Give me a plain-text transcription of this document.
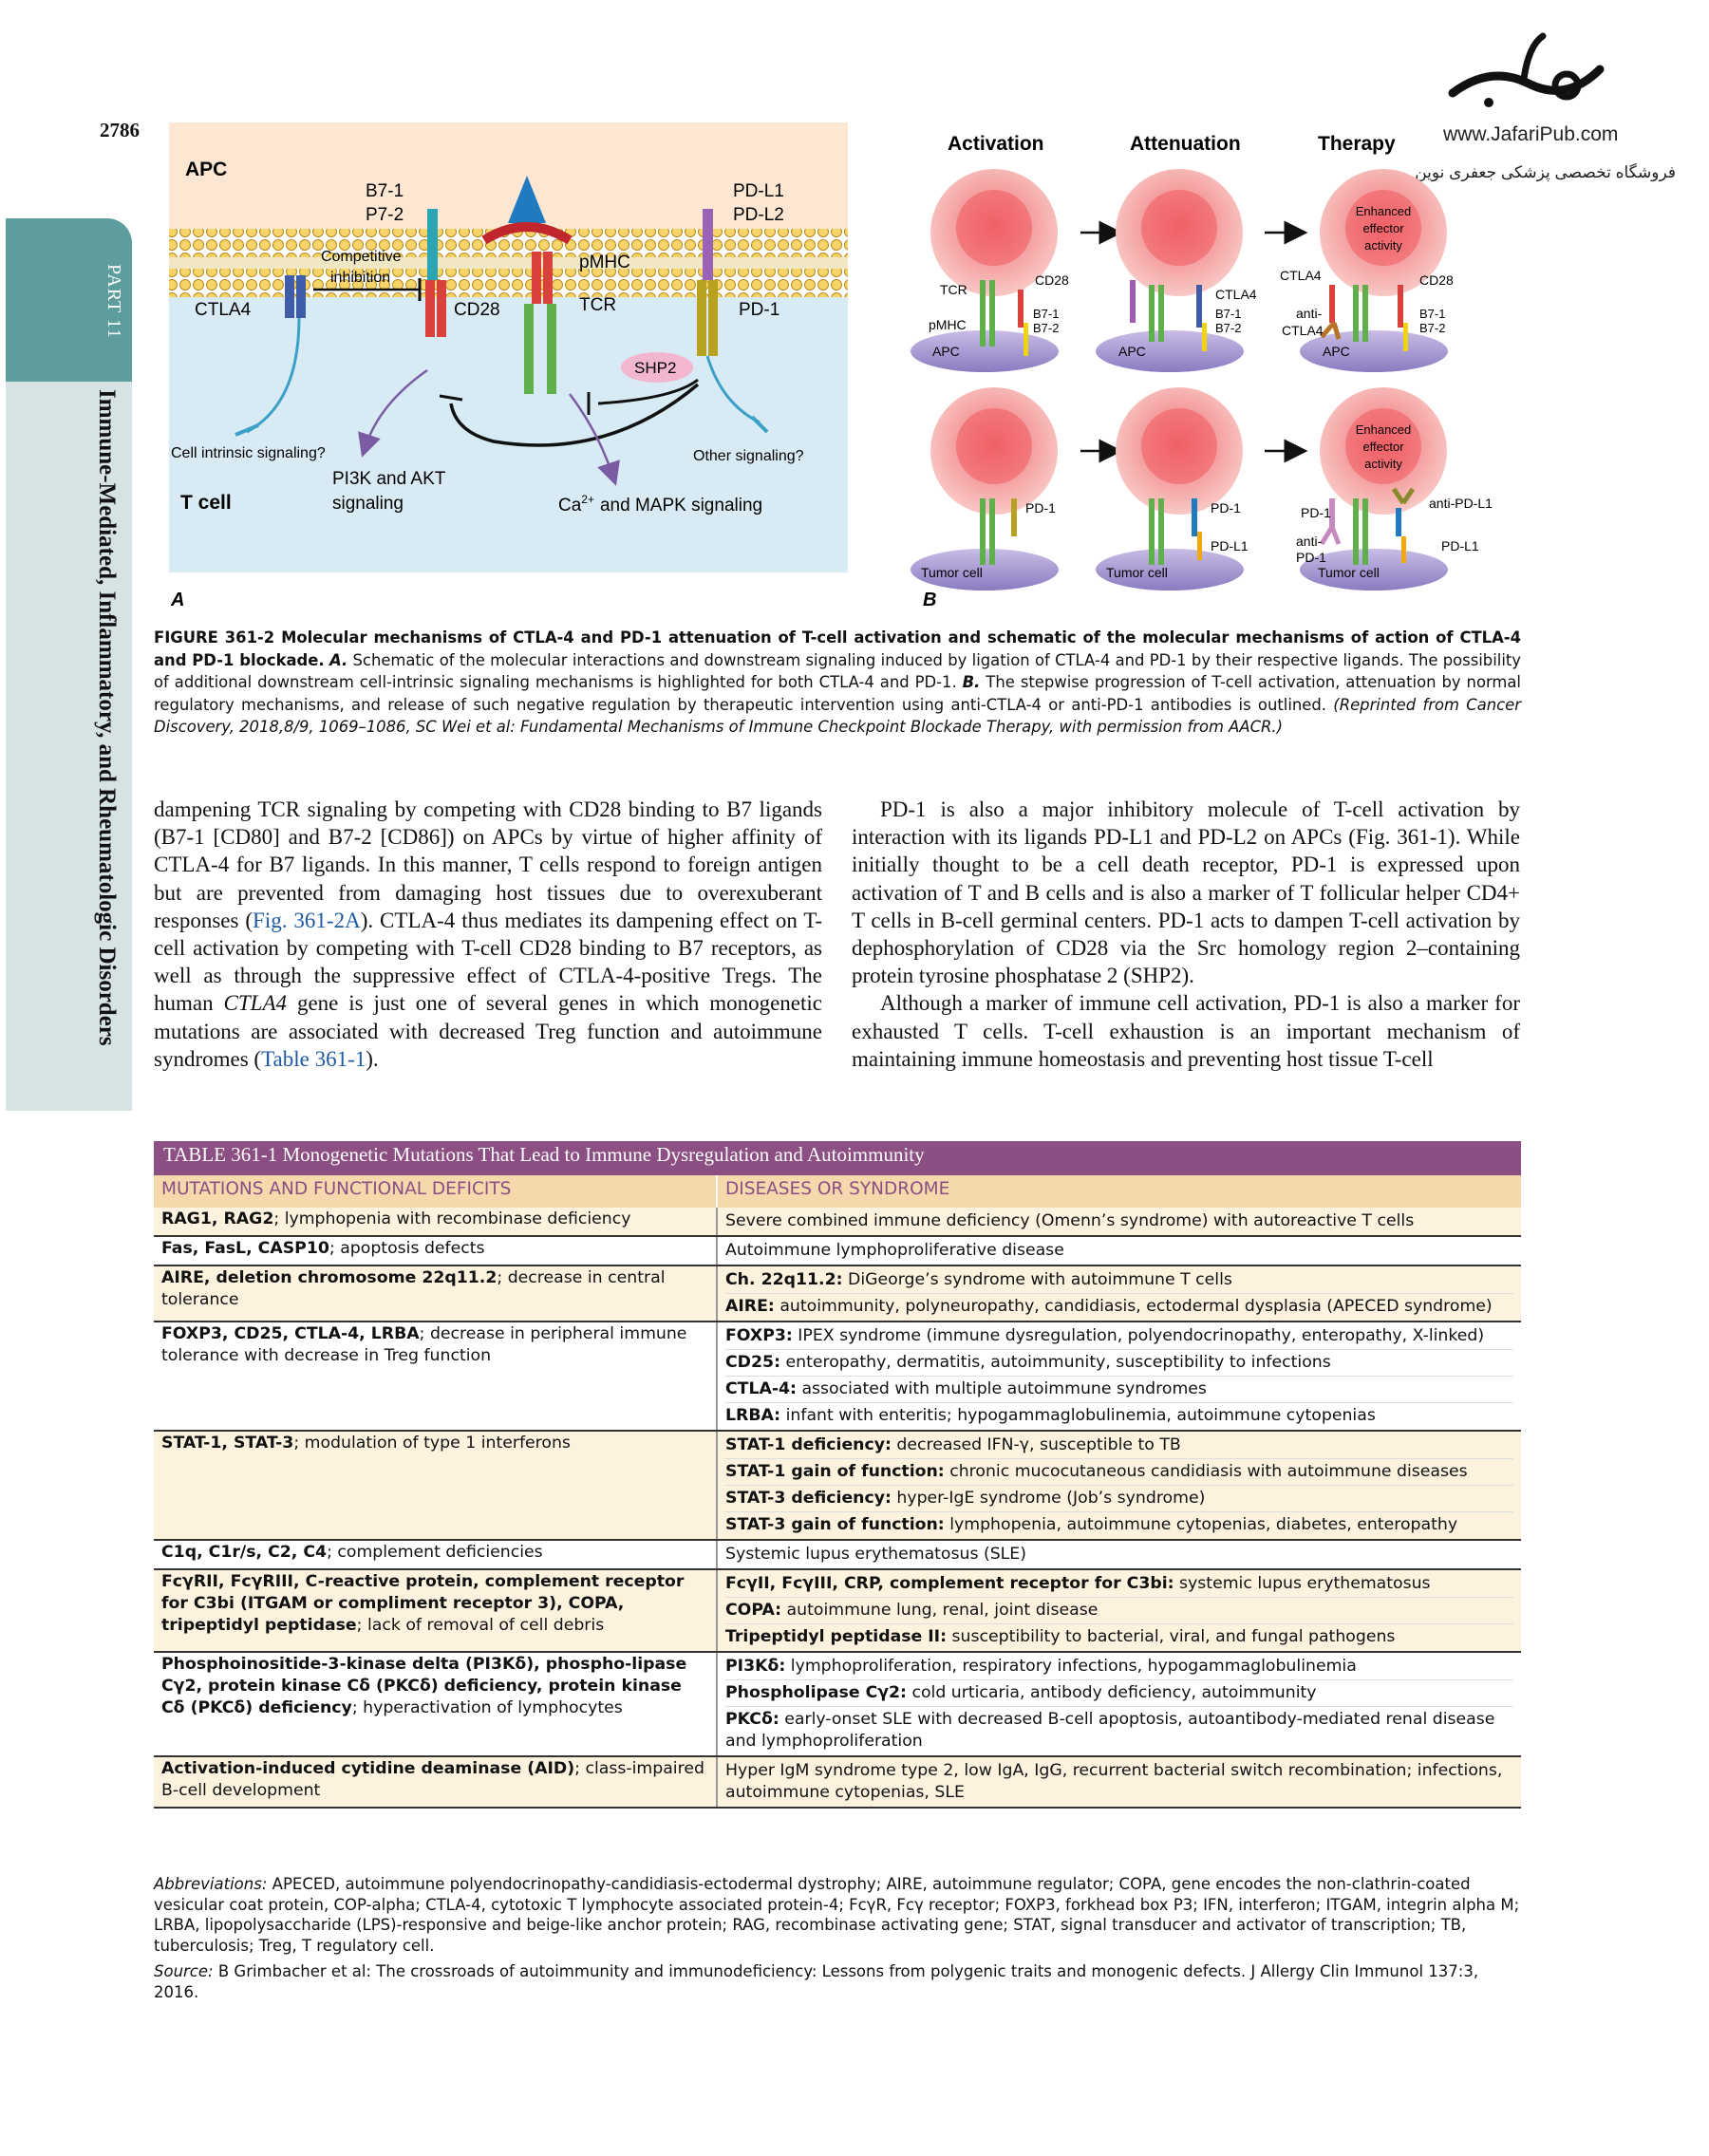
2786
PART 11
Immune-Mediated, Inflammatory, and Rheumatologic Disorders
www.JafariPub.com
فروشگاه تخصصی پزشکی جعفری نوین
APC
B7-1
P7-2
PD-L1
PD-L2
CTLA4
Competitive
inhibition
CD28
pMHC
TCR	PD-1
SHP2
Cell intrinsic signaling?	Other signaling?
PI3K and AKT
signaling
T cell	$Ca^{2+}$ and MAPK signaling
A
Activation	Attenuation	Therapy
TCR
CD28
B7-1
B7-2
pMHC
APC
CTLA4
B7-1
B7-2
APC
Enhanced
effector
activity
CTLA4
anti-
CTLA4
CD28
B7-1
B7-2
APC
PD-1
Tumor cell
PD-1
PD-L1
Tumor cell
Enhanced
effector
activity
PD-1
anti-
PD-1
anti-PD-L1
PD-L1
Tumor cell
B
FIGURE 361-2 Molecular mechanisms of CTLA-4 and PD-1 attenuation of T-cell activation and schematic of the molecular mechanisms of action of CTLA-4 and PD-1 blockade. A. Schematic of the molecular interactions and downstream signaling induced by ligation of CTLA-4 and PD-1 by their respective ligands. The possibility of additional downstream cell-intrinsic signaling mechanisms is highlighted for both CTLA-4 and PD-1. B. The stepwise progression of T-cell activation, attenuation by normal regulatory mechanisms, and release of such negative regulation by therapeutic intervention using anti-CTLA-4 or anti-PD-1 antibodies is outlined. (Reprinted from Cancer Discovery, 2018,8/9, 1069–1086, SC Wei et al: Fundamental Mechanisms of Immune Checkpoint Blockade Therapy, with permission from AACR.)

dampening TCR signaling by competing with CD28 binding to B7 ligands (B7-1 [CD80] and B7-2 [CD86]) on APCs by virtue of higher affinity of CTLA-4 for B7 ligands. In this manner, T cells respond to foreign antigen but are prevented from damaging host tissues due to overexuberant responses (Fig. 361-2A). CTLA-4 thus mediates its dampening effect on T-cell activation by competing with T-cell CD28 binding to B7 receptors, as well as through the suppressive effect of CTLA-4-positive Tregs. The human CTLA4 gene is just one of several genes in which monogenetic mutations are associated with decreased Treg function and autoimmune syndromes (Table 361-1).

PD-1 is also a major inhibitory molecule of T-cell activation by interaction with its ligands PD-L1 and PD-L2 on APCs (Fig. 361-1). While initially thought to be a cell death receptor, PD-1 is expressed upon activation of T and B cells and is also a marker of T follicular helper CD4+ T cells in B-cell germinal centers. PD-1 acts to dampen T-cell activation by dephosphorylation of CD28 via the Src homology region 2–containing protein tyrosine phosphatase 2 (SHP2).

Although a marker of immune cell activation, PD-1 is also a marker for exhausted T cells. T-cell exhaustion is an important mechanism of maintaining immune homeostasis and preventing host tissue T-cell

TABLE 361-1 Monogenetic Mutations That Lead to Immune Dysregulation and Autoimmunity	
MUTATIONS AND FUNCTIONAL DEFICITS	DISEASES OR SYNDROME
RAG1, RAG2; lymphopenia with recombinase deficiency	Severe combined immune deficiency (Omenn’s syndrome) with autoreactive T cells

Fas, FasL, CASP10; apoptosis defects	Autoimmune lymphoproliferative disease

AIRE, deletion chromosome 22q11.2; decrease in central tolerance	Ch. 22q11.2: DiGeorge’s syndrome with autoimmune T cells
AIRE: autoimmunity, polyneuropathy, candidiasis, ectodermal dysplasia (APECED syndrome)

FOXP3, CD25, CTLA-4, LRBA; decrease in peripheral immune tolerance with decrease in Treg function	FOXP3: IPEX syndrome (immune dysregulation, polyendocrinopathy, enteropathy, X-linked)
CD25: enteropathy, dermatitis, autoimmunity, susceptibility to infections
CTLA-4: associated with multiple autoimmune syndromes
LRBA: infant with enteritis; hypogammaglobulinemia, autoimmune cytopenias

STAT-1, STAT-3; modulation of type 1 interferons	STAT-1 deficiency: decreased IFN-γ, susceptible to TB
STAT-1 gain of function: chronic mucocutaneous candidiasis with autoimmune diseases
STAT-3 deficiency: hyper-IgE syndrome (Job’s syndrome)
STAT-3 gain of function: lymphopenia, autoimmune cytopenias, diabetes, enteropathy

C1q, C1r/s, C2, C4; complement deficiencies	Systemic lupus erythematosus (SLE)

FcγRII, FcγRIII, C-reactive protein, complement receptor for C3bi (ITGAM or compliment receptor 3), COPA, tripeptidyl peptidase; lack of removal of cell debris	FcγII, FcγIII, CRP, complement receptor for C3bi: systemic lupus erythematosus
COPA: autoimmune lung, renal, joint disease
Tripeptidyl peptidase II: susceptibility to bacterial, viral, and fungal pathogens

Phosphoinositide-3-kinase delta (PI3Kδ), phospho-lipase Cγ2, protein kinase Cδ (PKCδ) deficiency, protein kinase Cδ (PKCδ) deficiency; hyperactivation of lymphocytes	PI3Kδ: lymphoproliferation, respiratory infections, hypogammaglobulinemia
Phospholipase Cγ2: cold urticaria, antibody deficiency, autoimmunity
PKCδ: early-onset SLE with decreased B-cell apoptosis, autoantibody-mediated renal disease and lymphoproliferation

Activation-induced cytidine deaminase (AID); class-impaired B-cell development	Hyper IgM syndrome type 2, low IgA, IgG, recurrent bacterial switch recombination; infections, autoimmune cytopenias, SLE

Abbreviations: APECED, autoimmune polyendocrinopathy-candidiasis-ectodermal dystrophy; AIRE, autoimmune regulator; COPA, gene encodes the non-clathrin-coated vesicular coat protein, COP-alpha; CTLA-4, cytotoxic T lymphocyte associated protein-4; FcγR, Fcγ receptor; FOXP3, forkhead box P3; IFN, interferon; ITGAM, integrin alpha M; LRBA, lipopolysaccharide (LPS)-responsive and beige-like anchor protein; RAG, recombinase activating gene; STAT, signal transducer and activator of transcription; TB, tuberculosis; Treg, T regulatory cell.

Source: B Grimbacher et al: The crossroads of autoimmunity and immunodeficiency: Lessons from polygenic traits and monogenic defects. J Allergy Clin Immunol 137:3, 2016.
